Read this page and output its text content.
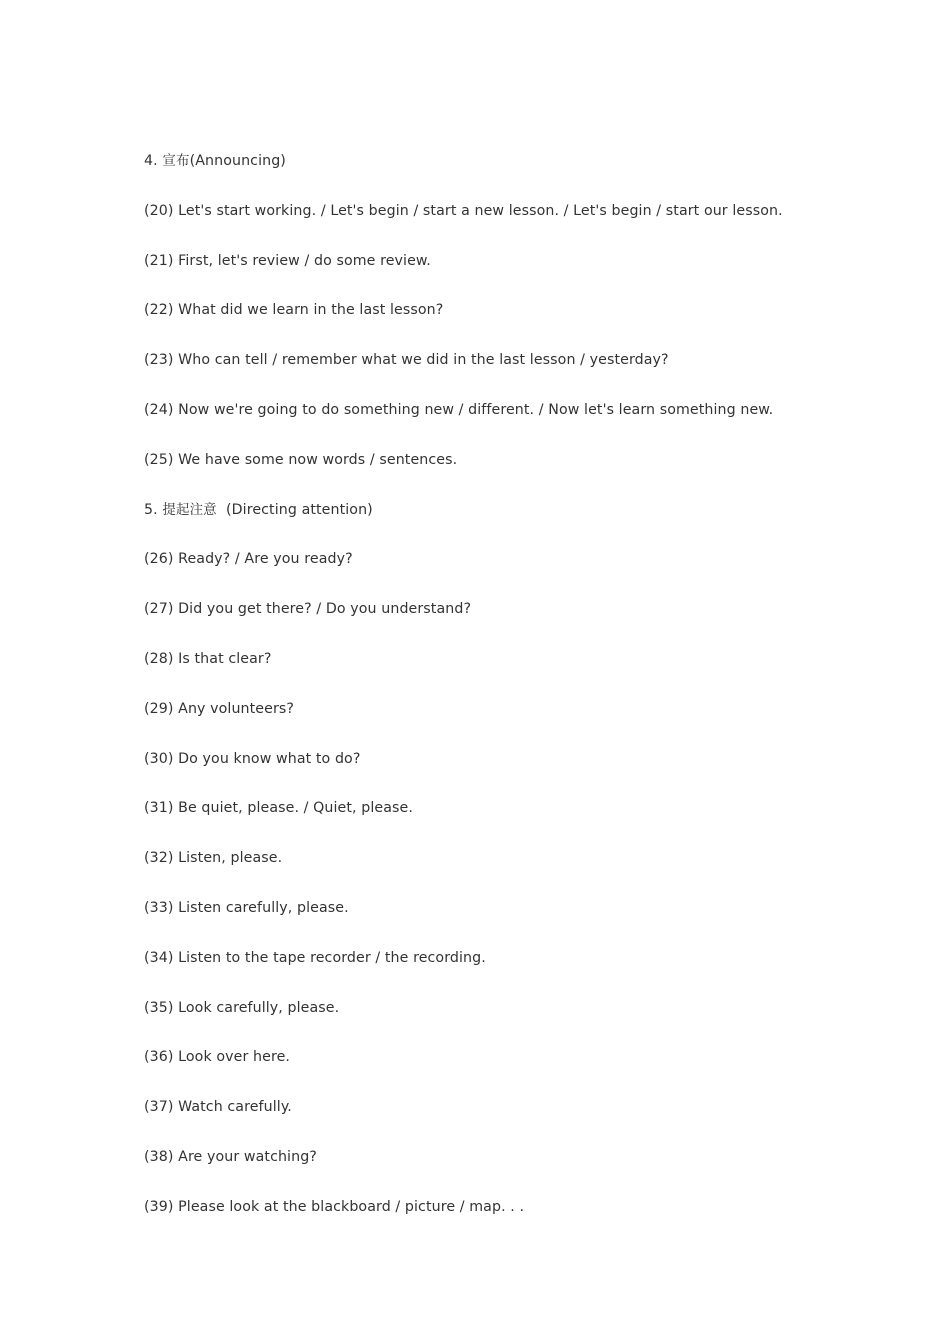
4. 宣布(Announcing)
(20) Let's start working. / Let's begin / start a new lesson. / Let's begin / start our lesson.
(21) First, let's review / do some review.
(22) What did we learn in the last lesson?
(23) Who can tell / remember what we did in the last lesson / yesterday?
(24) Now we're going to do something new / different. / Now let's learn something new.
(25) We have some now words / sentences.
5. 提起注意  (Directing attention)
(26) Ready? / Are you ready?
(27) Did you get there? / Do you understand?
(28) Is that clear?
(29) Any volunteers?
(30) Do you know what to do?
(31) Be quiet, please. / Quiet, please.
(32) Listen, please.
(33) Listen carefully, please.
(34) Listen to the tape recorder / the recording.
(35) Look carefully, please.
(36) Look over here.
(37) Watch carefully.
(38) Are your watching?
(39) Please look at the blackboard / picture / map. . .
